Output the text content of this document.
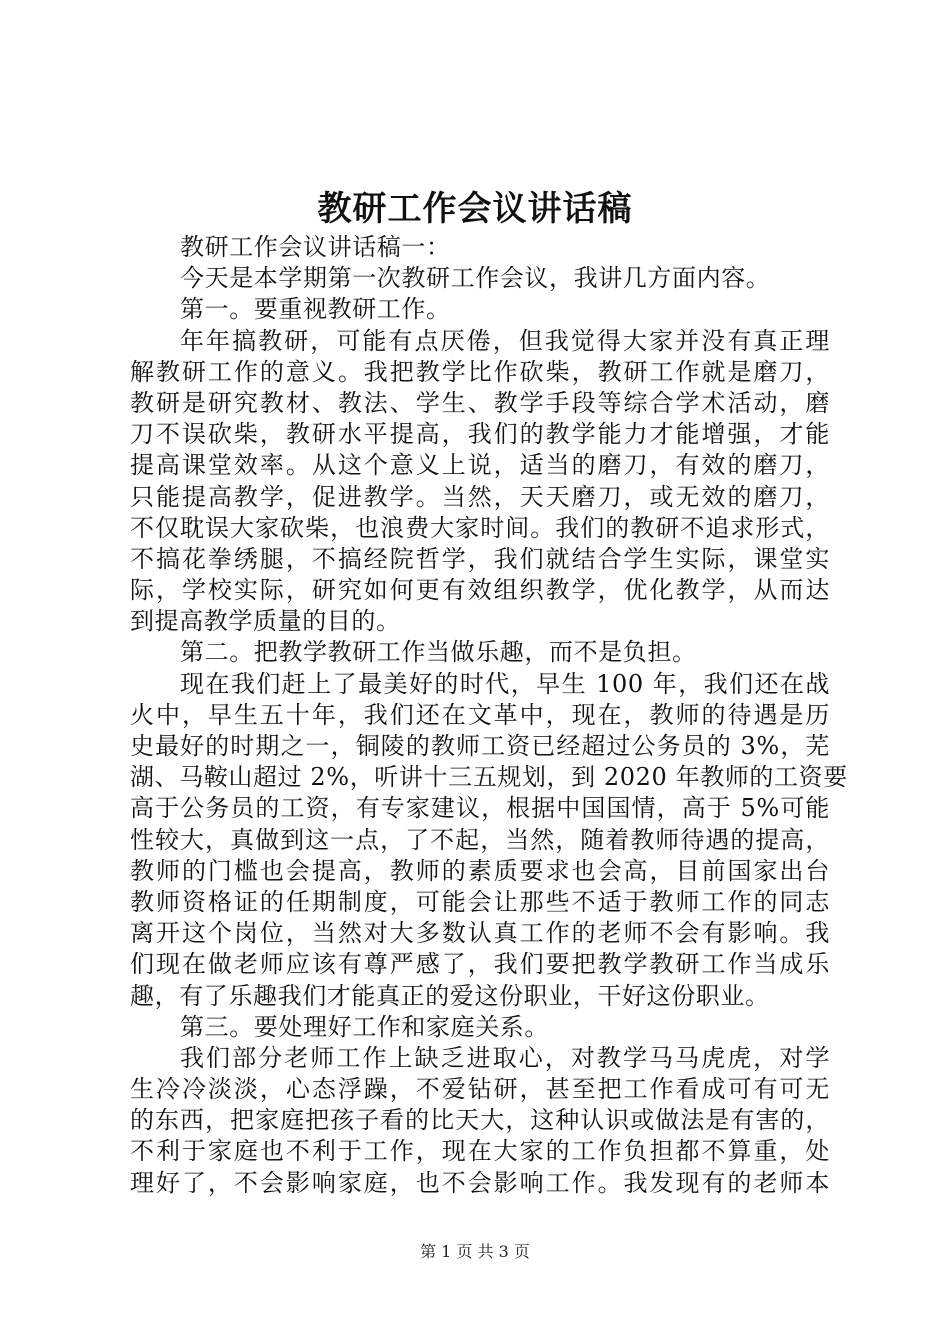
教研工作会议讲话稿
教研工作会议讲话稿一：
今天是本学期第一次教研工作会议，我讲几方面内容。
第一。要重视教研工作。
年年搞教研，可能有点厌倦，但我觉得大家并没有真正理
解教研工作的意义。我把教学比作砍柴，教研工作就是磨刀，
教研是研究教材、教法、学生、教学手段等综合学术活动，磨
刀不误砍柴，教研水平提高，我们的教学能力才能增强，才能
提高课堂效率。从这个意义上说，适当的磨刀，有效的磨刀，
只能提高教学，促进教学。当然，天天磨刀，或无效的磨刀，
不仅耽误大家砍柴，也浪费大家时间。我们的教研不追求形式，
不搞花拳绣腿，不搞经院哲学，我们就结合学生实际，课堂实
际，学校实际，研究如何更有效组织教学，优化教学，从而达
到提高教学质量的目的。
第二。把教学教研工作当做乐趣，而不是负担。
现在我们赶上了最美好的时代，早生 100 年，我们还在战
火中，早生五十年，我们还在文革中，现在，教师的待遇是历
史最好的时期之一，铜陵的教师工资已经超过公务员的 3%，芜
湖、马鞍山超过 2%，听讲十三五规划，到 2020 年教师的工资要
高于公务员的工资，有专家建议，根据中国国情，高于 5%可能
性较大，真做到这一点，了不起，当然，随着教师待遇的提高，
教师的门槛也会提高，教师的素质要求也会高，目前国家出台
教师资格证的任期制度，可能会让那些不适于教师工作的同志
离开这个岗位，当然对大多数认真工作的老师不会有影响。我
们现在做老师应该有尊严感了，我们要把教学教研工作当成乐
趣，有了乐趣我们才能真正的爱这份职业，干好这份职业。
第三。要处理好工作和家庭关系。
我们部分老师工作上缺乏进取心，对教学马马虎虎，对学
生冷冷淡淡，心态浮躁，不爱钻研，甚至把工作看成可有可无
的东西，把家庭把孩子看的比天大，这种认识或做法是有害的，
不利于家庭也不利于工作，现在大家的工作负担都不算重，处
理好了，不会影响家庭，也不会影响工作。我发现有的老师本
第 1 页 共 3 页
